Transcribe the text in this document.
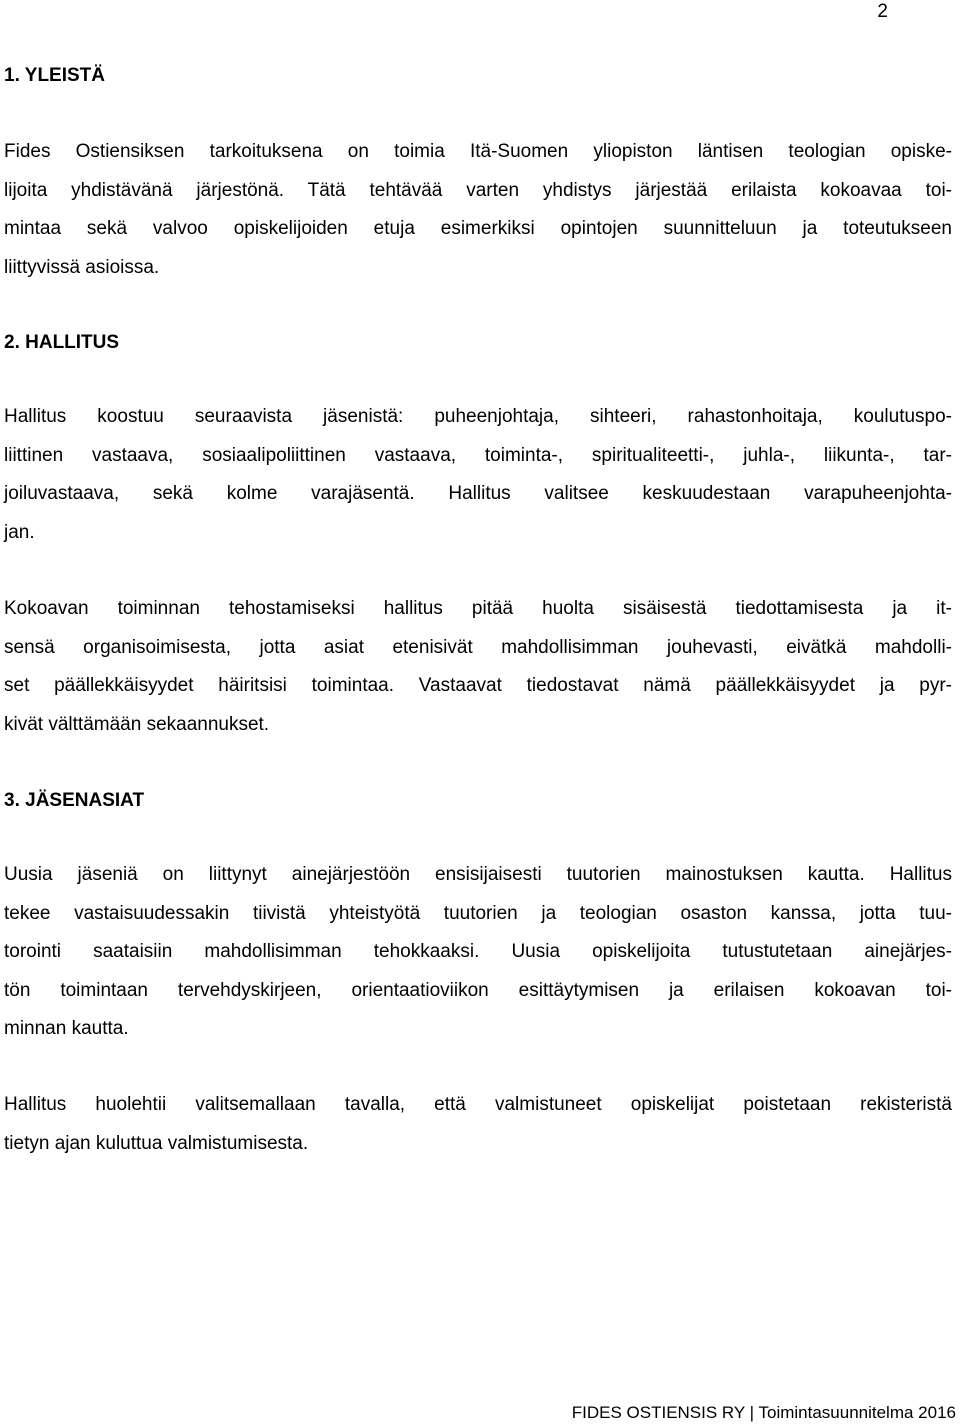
2
1. YLEISTÄ
Fides Ostiensiksen tarkoituksena on toimia Itä-Suomen yliopiston läntisen teologian opiske-
lijoita yhdistävänä järjestönä. Tätä tehtävää varten yhdistys järjestää erilaista kokoavaa toi-
mintaa sekä valvoo opiskelijoiden etuja esimerkiksi opintojen suunnitteluun ja toteutukseen
liittyvissä asioissa.
2. HALLITUS
Hallitus koostuu seuraavista jäsenistä: puheenjohtaja, sihteeri, rahastonhoitaja, koulutuspo-
liittinen vastaava, sosiaalipoliittinen vastaava, toiminta-, spiritualiteetti-, juhla-, liikunta-, tar-
joiluvastaava, sekä kolme varajäsentä. Hallitus valitsee keskuudestaan varapuheenjohta-
jan.
Kokoavan toiminnan tehostamiseksi hallitus pitää huolta sisäisestä tiedottamisesta ja it-
sensä organisoimisesta, jotta asiat etenisivät mahdollisimman jouhevasti, eivätkä mahdolli-
set päällekkäisyydet häiritsisi toimintaa. Vastaavat tiedostavat nämä päällekkäisyydet ja pyr-
kivät välttämään sekaannukset.
3. JÄSENASIAT
Uusia jäseniä on liittynyt ainejärjestöön ensisijaisesti tuutorien mainostuksen kautta. Hallitus
tekee vastaisuudessakin tiivistä yhteistyötä tuutorien ja teologian osaston kanssa, jotta tuu-
torointi saataisiin mahdollisimman tehokkaaksi. Uusia opiskelijoita tutustutetaan ainejärjes-
tön toimintaan tervehdyskirjeen, orientaatioviikon esittäytymisen ja erilaisen kokoavan toi-
minnan kautta.
Hallitus huolehtii valitsemallaan tavalla, että valmistuneet opiskelijat poistetaan rekisteristä
tietyn ajan kuluttua valmistumisesta.
FIDES OSTIENSIS RY | Toimintasuunnitelma 2016
